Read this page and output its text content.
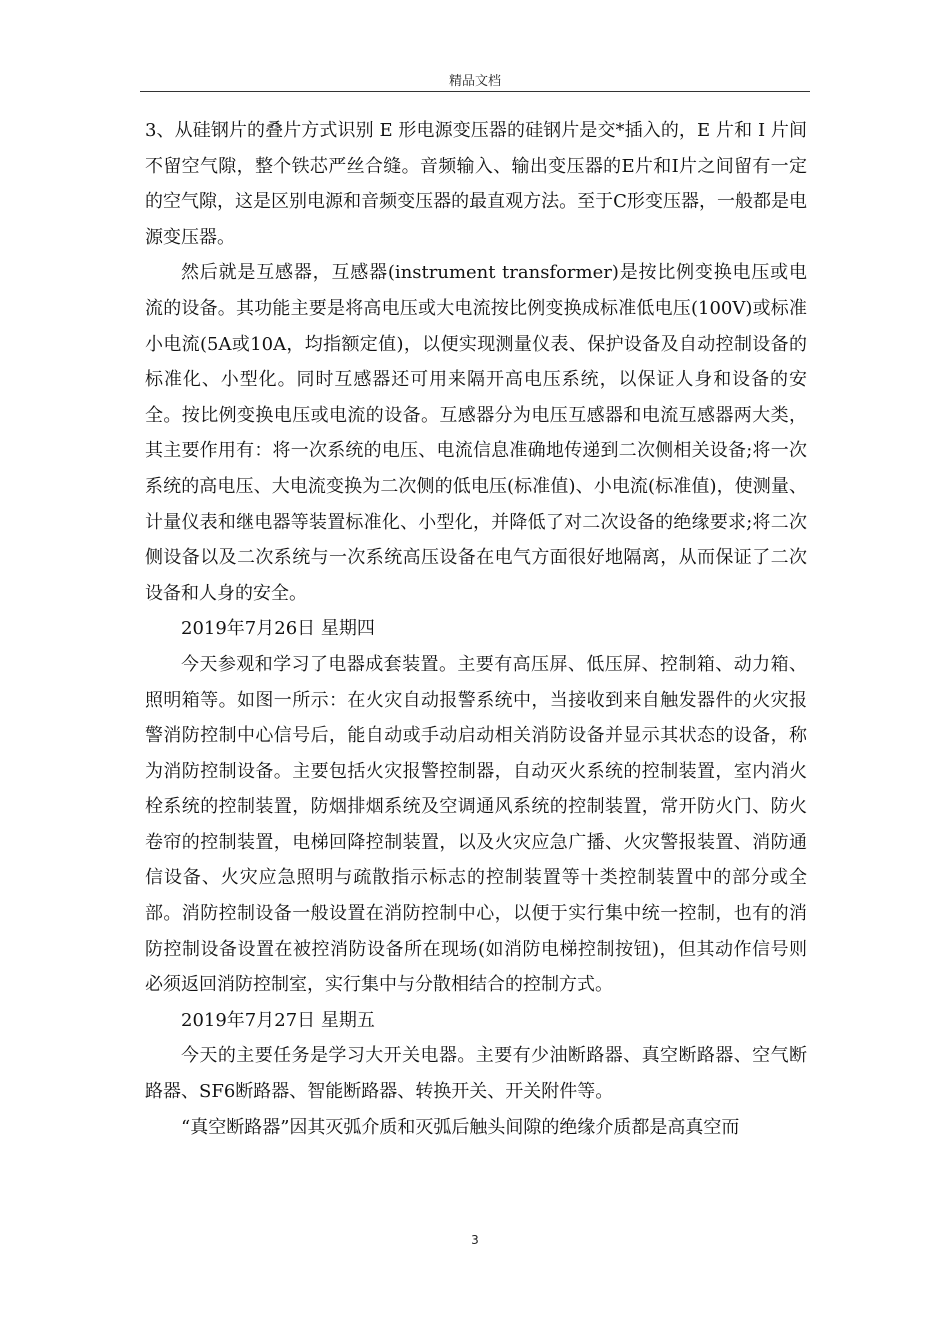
精品文档

3、从硅钢片的叠片方式识别 E 形电源变压器的硅钢片是交*插入的，E 片和 I 片间不留空气隙，整个铁芯严丝合缝。音频输入、输出变压器的E片和I片之间留有一定的空气隙，这是区别电源和音频变压器的最直观方法。至于C形变压器，一般都是电源变压器。

然后就是互感器，互感器(instrument transformer)是按比例变换电压或电流的设备。其功能主要是将高电压或大电流按比例变换成标准低电压(100V)或标准小电流(5A或10A，均指额定值)，以便实现测量仪表、保护设备及自动控制设备的标准化、小型化。同时互感器还可用来隔开高电压系统，以保证人身和设备的安全。按比例变换电压或电流的设备。互感器分为电压互感器和电流互感器两大类，其主要作用有：将一次系统的电压、电流信息准确地传递到二次侧相关设备;将一次系统的高电压、大电流变换为二次侧的低电压(标准值)、小电流(标准值)，使测量、计量仪表和继电器等装置标准化、小型化，并降低了对二次设备的绝缘要求;将二次侧设备以及二次系统与一次系统高压设备在电气方面很好地隔离，从而保证了二次设备和人身的安全。

2019年7月26日 星期四

今天参观和学习了电器成套装置。主要有高压屏、低压屏、控制箱、动力箱、照明箱等。如图一所示：在火灾自动报警系统中，当接收到来自触发器件的火灾报警消防控制中心信号后，能自动或手动启动相关消防设备并显示其状态的设备，称为消防控制设备。主要包括火灾报警控制器，自动灭火系统的控制装置，室内消火栓系统的控制装置，防烟排烟系统及空调通风系统的控制装置，常开防火门、防火卷帘的控制装置，电梯回降控制装置，以及火灾应急广播、火灾警报装置、消防通信设备、火灾应急照明与疏散指示标志的控制装置等十类控制装置中的部分或全部。消防控制设备一般设置在消防控制中心，以便于实行集中统一控制，也有的消防控制设备设置在被控消防设备所在现场(如消防电梯控制按钮)，但其动作信号则必须返回消防控制室，实行集中与分散相结合的控制方式。

2019年7月27日 星期五

今天的主要任务是学习大开关电器。主要有少油断路器、真空断路器、空气断路器、SF6断路器、智能断路器、转换开关、开关附件等。

“真空断路器”因其灭弧介质和灭弧后触头间隙的绝缘介质都是高真空而

3
